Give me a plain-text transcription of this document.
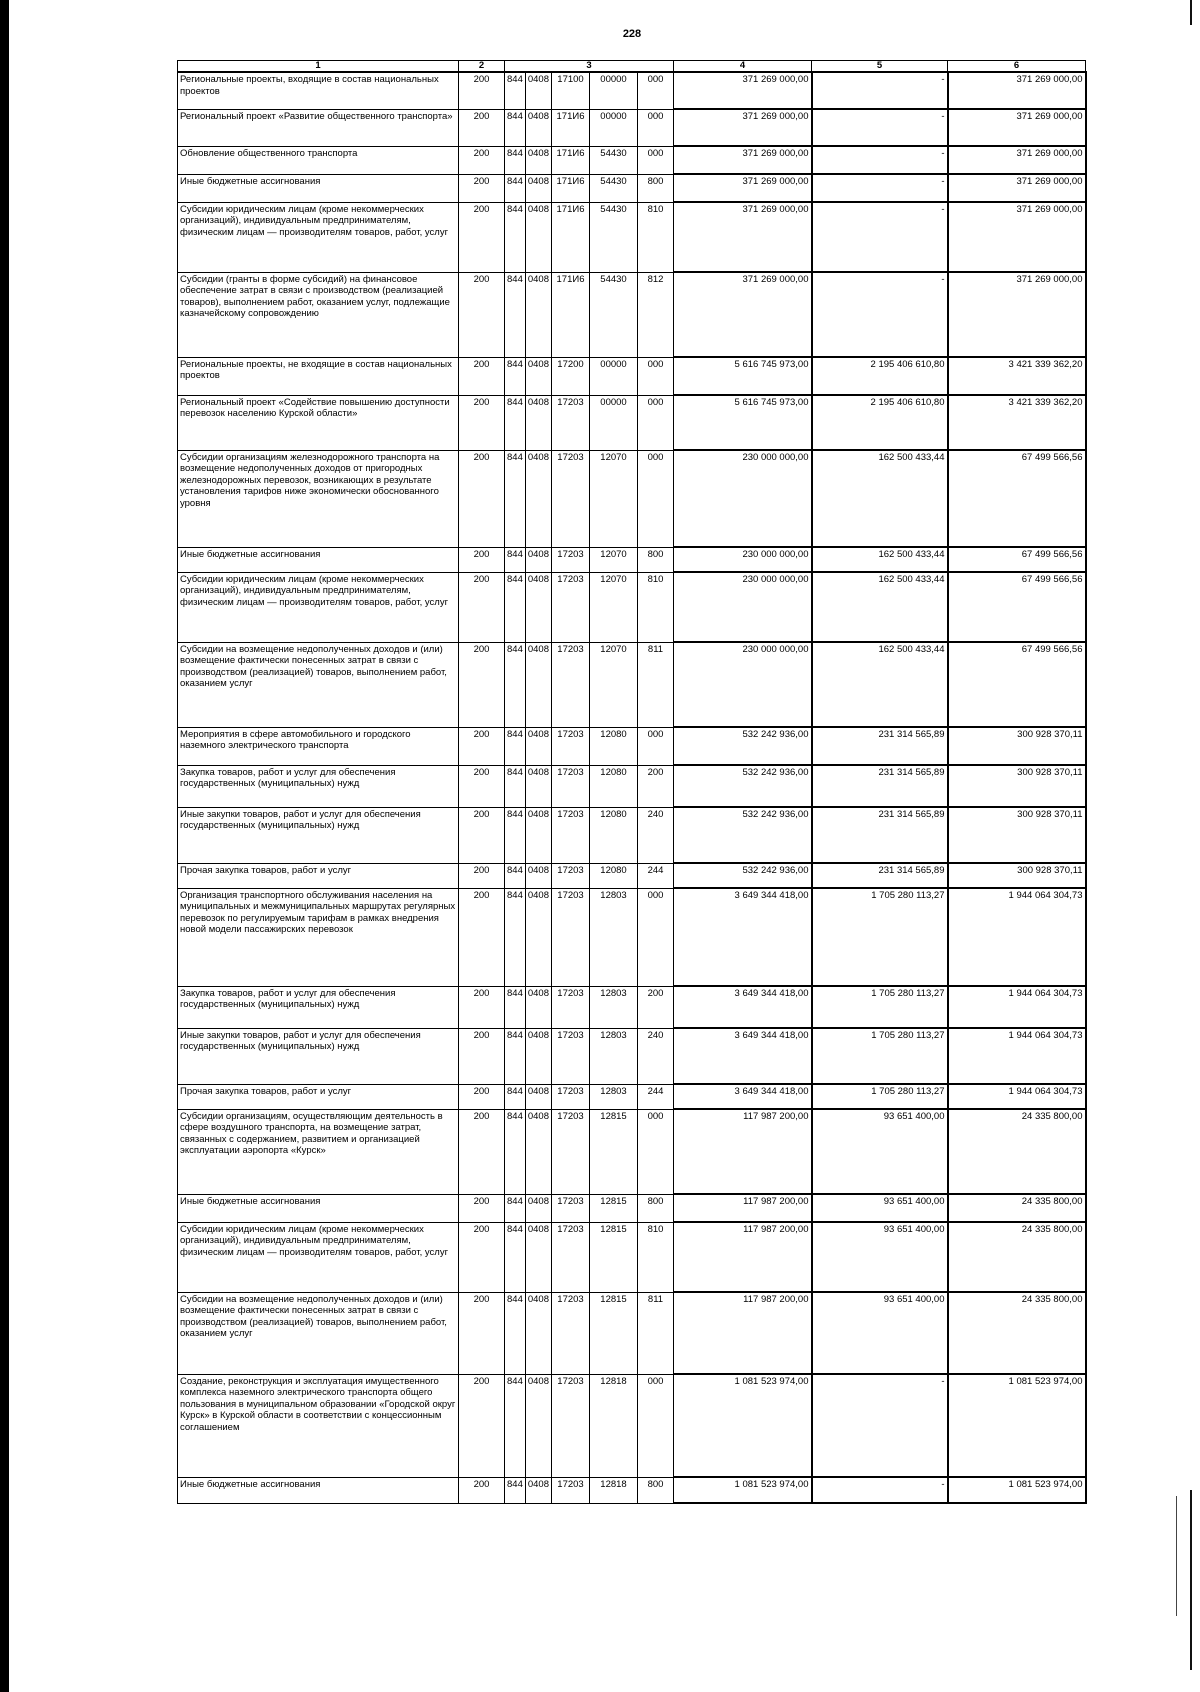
228
1	2	3					4	5	6
Региональные проекты, входящие в состав национальных проектов	200	844	0408	17100	00000	000	371 269 000,00	-	371 269 000,00
Региональный проект «Развитие общественного транспорта»	200	844	0408	171И6	00000	000	371 269 000,00	-	371 269 000,00
Обновление общественного транспорта	200	844	0408	171И6	54430	000	371 269 000,00	-	371 269 000,00
Иные бюджетные ассигнования	200	844	0408	171И6	54430	800	371 269 000,00	-	371 269 000,00
Субсидии юридическим лицам (кроме некоммерческих организаций), индивидуальным предпринимателям, физическим лицам — производителям товаров, работ, услуг	200	844	0408	171И6	54430	810	371 269 000,00	-	371 269 000,00
Субсидии (гранты в форме субсидий) на финансовое обеспечение затрат в связи с производством (реализацией товаров), выполнением работ, оказанием услуг, подлежащие казначейскому сопровождению	200	844	0408	171И6	54430	812	371 269 000,00	-	371 269 000,00
Региональные проекты, не входящие в состав национальных проектов	200	844	0408	17200	00000	000	5 616 745 973,00	2 195 406 610,80	3 421 339 362,20
Региональный проект «Содействие повышению доступности перевозок населению Курской области»	200	844	0408	17203	00000	000	5 616 745 973,00	2 195 406 610,80	3 421 339 362,20
Субсидии организациям железнодорожного транспорта на возмещение недополученных доходов от пригородных железнодорожных перевозок, возникающих в результате установления тарифов ниже экономически обоснованного уровня	200	844	0408	17203	12070	000	230 000 000,00	162 500 433,44	67 499 566,56
Иные бюджетные ассигнования	200	844	0408	17203	12070	800	230 000 000,00	162 500 433,44	67 499 566,56
Субсидии юридическим лицам (кроме некоммерческих организаций), индивидуальным предпринимателям, физическим лицам — производителям товаров, работ, услуг	200	844	0408	17203	12070	810	230 000 000,00	162 500 433,44	67 499 566,56
Субсидии на возмещение недополученных доходов и (или) возмещение фактически понесенных затрат в связи с производством (реализацией) товаров, выполнением работ, оказанием услуг	200	844	0408	17203	12070	811	230 000 000,00	162 500 433,44	67 499 566,56
Мероприятия в сфере автомобильного и городского наземного электрического транспорта	200	844	0408	17203	12080	000	532 242 936,00	231 314 565,89	300 928 370,11
Закупка товаров, работ и услуг для обеспечения государственных (муниципальных) нужд	200	844	0408	17203	12080	200	532 242 936,00	231 314 565,89	300 928 370,11
Иные закупки товаров, работ и услуг для обеспечения государственных (муниципальных) нужд	200	844	0408	17203	12080	240	532 242 936,00	231 314 565,89	300 928 370,11
Прочая закупка товаров, работ и услуг	200	844	0408	17203	12080	244	532 242 936,00	231 314 565,89	300 928 370,11
Организация транспортного обслуживания населения на муниципальных и межмуниципальных маршрутах регулярных перевозок по регулируемым тарифам в рамках внедрения новой модели пассажирских перевозок	200	844	0408	17203	12803	000	3 649 344 418,00	1 705 280 113,27	1 944 064 304,73
Закупка товаров, работ и услуг для обеспечения государственных (муниципальных) нужд	200	844	0408	17203	12803	200	3 649 344 418,00	1 705 280 113,27	1 944 064 304,73
Иные закупки товаров, работ и услуг для обеспечения государственных (муниципальных) нужд	200	844	0408	17203	12803	240	3 649 344 418,00	1 705 280 113,27	1 944 064 304,73
Прочая закупка товаров, работ и услуг	200	844	0408	17203	12803	244	3 649 344 418,00	1 705 280 113,27	1 944 064 304,73
Субсидии организациям, осуществляющим деятельность в сфере воздушного транспорта, на возмещение затрат, связанных с содержанием, развитием и организацией эксплуатации аэропорта «Курск»	200	844	0408	17203	12815	000	117 987 200,00	93 651 400,00	24 335 800,00
Иные бюджетные ассигнования	200	844	0408	17203	12815	800	117 987 200,00	93 651 400,00	24 335 800,00
Субсидии юридическим лицам (кроме некоммерческих организаций), индивидуальным предпринимателям, физическим лицам — производителям товаров, работ, услуг	200	844	0408	17203	12815	810	117 987 200,00	93 651 400,00	24 335 800,00
Субсидии на возмещение недополученных доходов и (или) возмещение фактически понесенных затрат в связи с производством (реализацией) товаров, выполнением работ, оказанием услуг	200	844	0408	17203	12815	811	117 987 200,00	93 651 400,00	24 335 800,00
Создание, реконструкция и эксплуатация имущественного комплекса наземного электрического транспорта общего пользования в муниципальном образовании «Городской округ Курск» в Курской области в соответствии с концессионным соглашением	200	844	0408	17203	12818	000	1 081 523 974,00	-	1 081 523 974,00
Иные бюджетные ассигнования	200	844	0408	17203	12818	800	1 081 523 974,00	-	1 081 523 974,00
